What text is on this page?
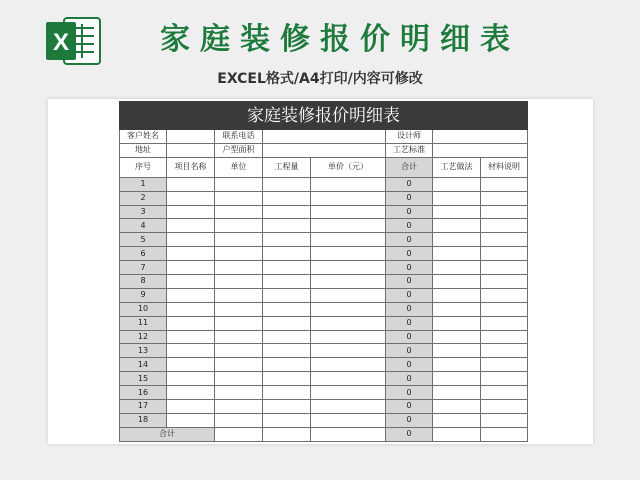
X	家庭装修报价明细表
EXCEL格式/A4打印/内容可修改
家庭装修报价明细表							
客户姓名		联系电话			设计师		
地址		户型面积			工艺标准		
序号	项目名称	单位	工程量	单价（元）	合计	工艺做法	材料说明
1					0		
2					0		
3					0		
4					0		
5					0		
6					0		
7					0		
8					0		
9					0		
10					0		
11					0		
12					0		
13					0		
14					0		
15					0		
16					0		
17					0		
18					0		
合计					0		
